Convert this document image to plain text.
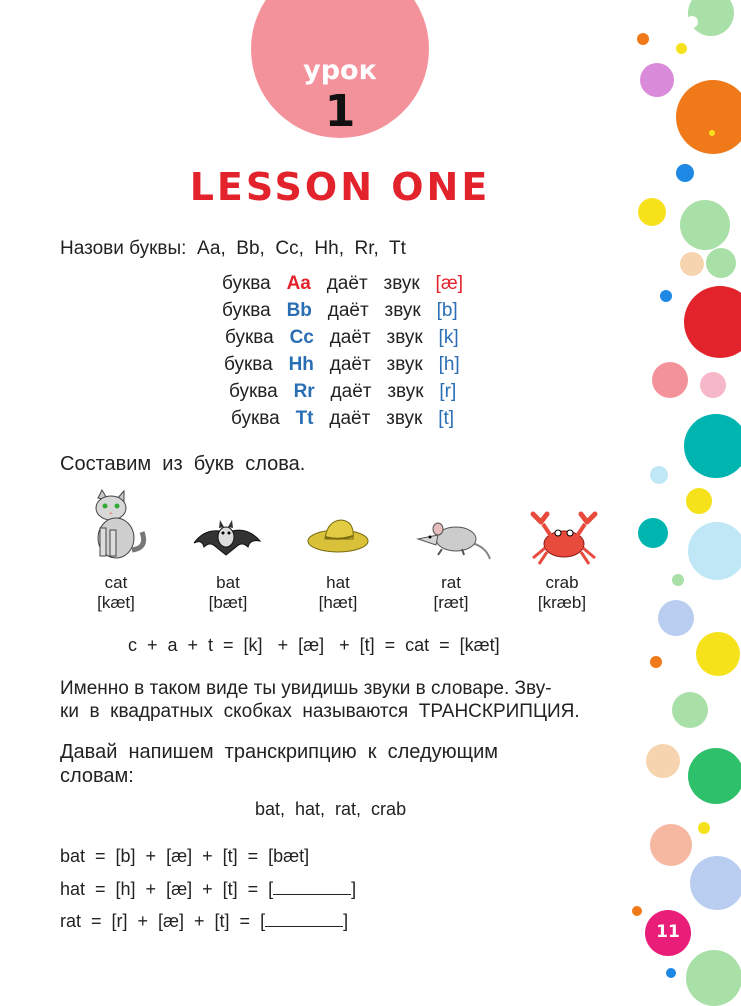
урок
1
LESSON ONE
Назови буквы:  Аа,  Bb,  Cc,  Hh,  Rr,  Tt
буква Aa даёт звук [æ]
буква Bb даёт звук [b]
буква Cc даёт звук [k]
буква Hh даёт звук [h]
буква Rr даёт звук [r]
буква Tt даёт звук [t]
Составим  из  букв  слова.
cat
[kæt]
bat
[bæt]
hat
[hæt]
rat
[ræt]
crab
[kræb]
c  +  a  +  t  =  [k]   +  [æ]   +  [t]  =  cat  =  [kæt]
Именно в таком виде ты увидишь звуки в словаре. Зву-
ки  в  квадратных  скобках  называются  ТРАНСКРИПЦИЯ.
Давай  напишем  транскрипцию  к  следующим
словам:
bat,  hat,  rat,  crab
bat  =  [b]  +  [æ]  +  [t]  =  [bæt]
hat  =  [h]  +  [æ]  +  [t]  =  [	]
rat  =  [r]  +  [æ]  +  [t]  =  [	]
11
